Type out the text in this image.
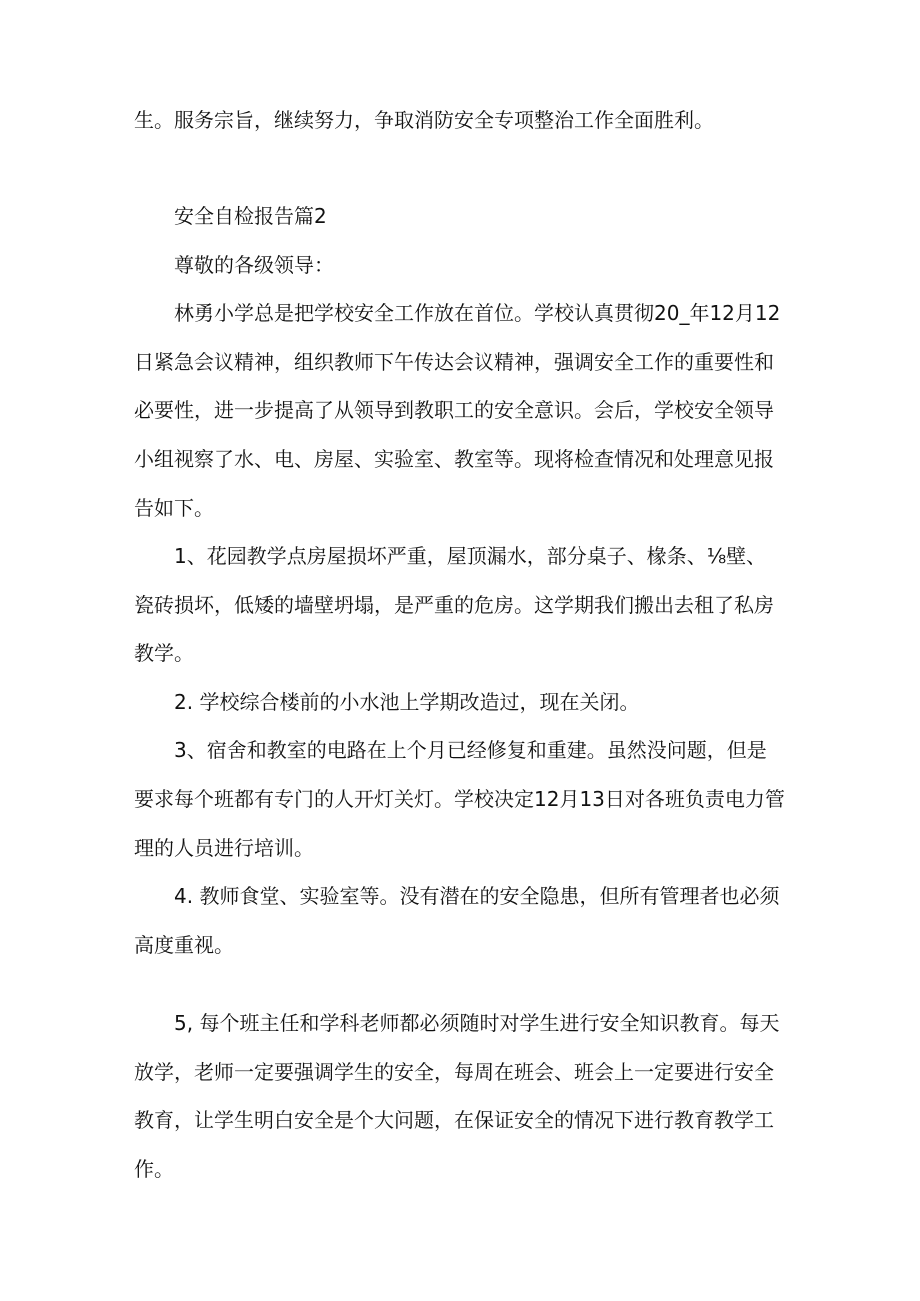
生。服务宗旨，继续努力，争取消防安全专项整治工作全面胜利。
安全自检报告篇2
尊敬的各级领导：
林勇小学总是把学校安全工作放在首位。学校认真贯彻20_年12月12
日紧急会议精神，组织教师下午传达会议精神，强调安全工作的重要性和
必要性，进一步提高了从领导到教职工的安全意识。会后，学校安全领导
小组视察了水、电、房屋、实验室、教室等。现将检查情况和处理意见报
告如下。
1、花园教学点房屋损坏严重，屋顶漏水，部分桌子、椽条、⅛壁、
瓷砖损坏，低矮的墙壁坍塌，是严重的危房。这学期我们搬出去租了私房
教学。
2. 学校综合楼前的小水池上学期改造过，现在关闭。
3、宿舍和教室的电路在上个月已经修复和重建。虽然没问题，但是
要求每个班都有专门的人开灯关灯。学校决定12月13日对各班负责电力管
理的人员进行培训。
4. 教师食堂、实验室等。没有潜在的安全隐患，但所有管理者也必须
高度重视。
5, 每个班主任和学科老师都必须随时对学生进行安全知识教育。每天
放学，老师一定要强调学生的安全，每周在班会、班会上一定要进行安全
教育，让学生明白安全是个大问题，在保证安全的情况下进行教育教学工
作。
